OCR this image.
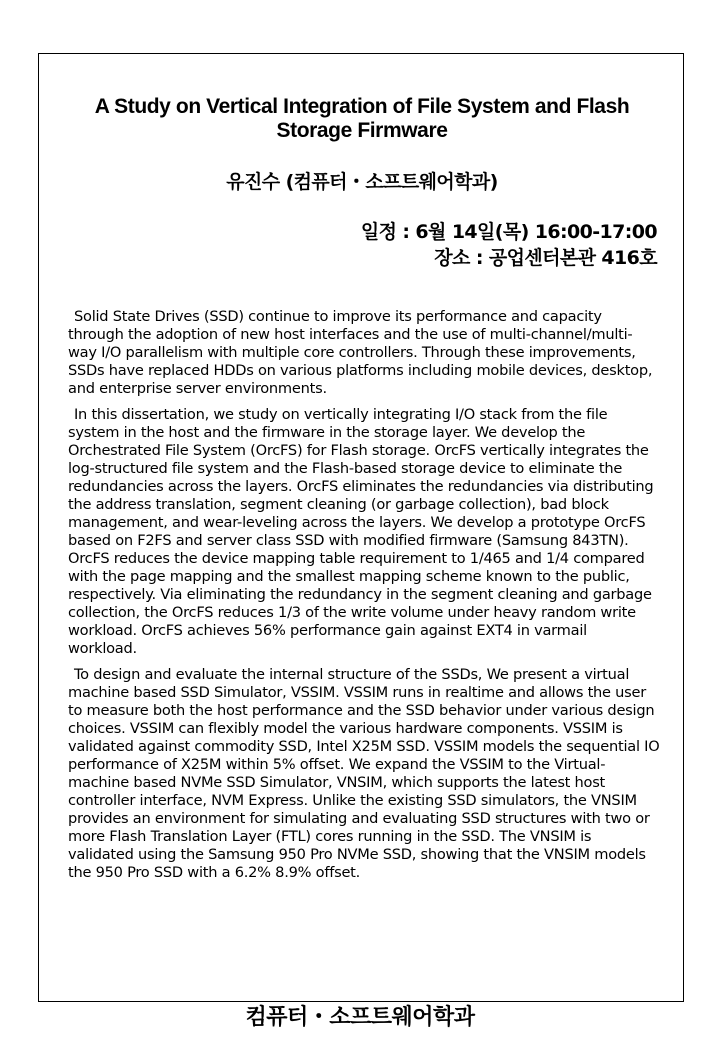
A Study on Vertical Integration of File System and Flash Storage Firmware
유진수 (컴퓨터・소프트웨어학과)
일정 : 6월 14일(목) 16:00-17:00
장소 : 공업센터본관 416호

Solid State Drives (SSD) continue to improve its performance and capacity through the adoption of new host interfaces and the use of multi-channel/multi-way I/O parallelism with multiple core controllers. Through these improvements, SSDs have replaced HDDs on various platforms including mobile devices, desktop, and enterprise server environments.

In this dissertation, we study on vertically integrating I/O stack from the file system in the host and the firmware in the storage layer. We develop the Orchestrated File System (OrcFS) for Flash storage. OrcFS vertically integrates the log-structured file system and the Flash-based storage device to eliminate the redundancies across the layers. OrcFS eliminates the redundancies via distributing the address translation, segment cleaning (or garbage collection), bad block management, and wear-leveling across the layers. We develop a prototype OrcFS based on F2FS and server class SSD with modified firmware (Samsung 843TN). OrcFS reduces the device mapping table requirement to 1/465 and 1/4 compared with the page mapping and the smallest mapping scheme known to the public, respectively. Via eliminating the redundancy in the segment cleaning and garbage collection, the OrcFS reduces 1/3 of the write volume under heavy random write workload. OrcFS achieves 56% performance gain against EXT4 in varmail workload.

To design and evaluate the internal structure of the SSDs, We present a virtual machine based SSD Simulator, VSSIM. VSSIM runs in realtime and allows the user to measure both the host performance and the SSD behavior under various design choices. VSSIM can flexibly model the various hardware components. VSSIM is validated against commodity SSD, Intel X25M SSD. VSSIM models the sequential IO performance of X25M within 5% offset. We expand the VSSIM to the Virtual-machine based NVMe SSD Simulator, VNSIM, which supports the latest host controller interface, NVM Express. Unlike the existing SSD simulators, the VNSIM provides an environment for simulating and evaluating SSD structures with two or more Flash Translation Layer (FTL) cores running in the SSD. The VNSIM is validated using the Samsung 950 Pro NVMe SSD, showing that the VNSIM models the 950 Pro SSD with a 6.2% 8.9% offset.

컴퓨터・소프트웨어학과
